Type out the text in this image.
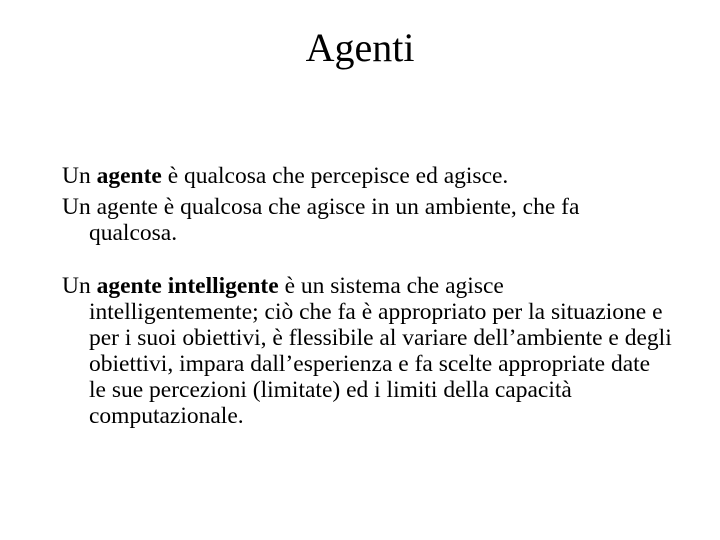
Agenti

Un agente è qualcosa che percepisce ed agisce.

Un agente è qualcosa che agisce in un ambiente, che fa qualcosa.

Un agente intelligente è un sistema che agisce intelligentemente; ciò che fa è appropriato per la situazione e per i suoi obiettivi, è flessibile al variare dell’ambiente e degli obiettivi, impara dall’esperienza e fa scelte appropriate date le sue percezioni (limitate) ed i limiti della capacità computazionale.
